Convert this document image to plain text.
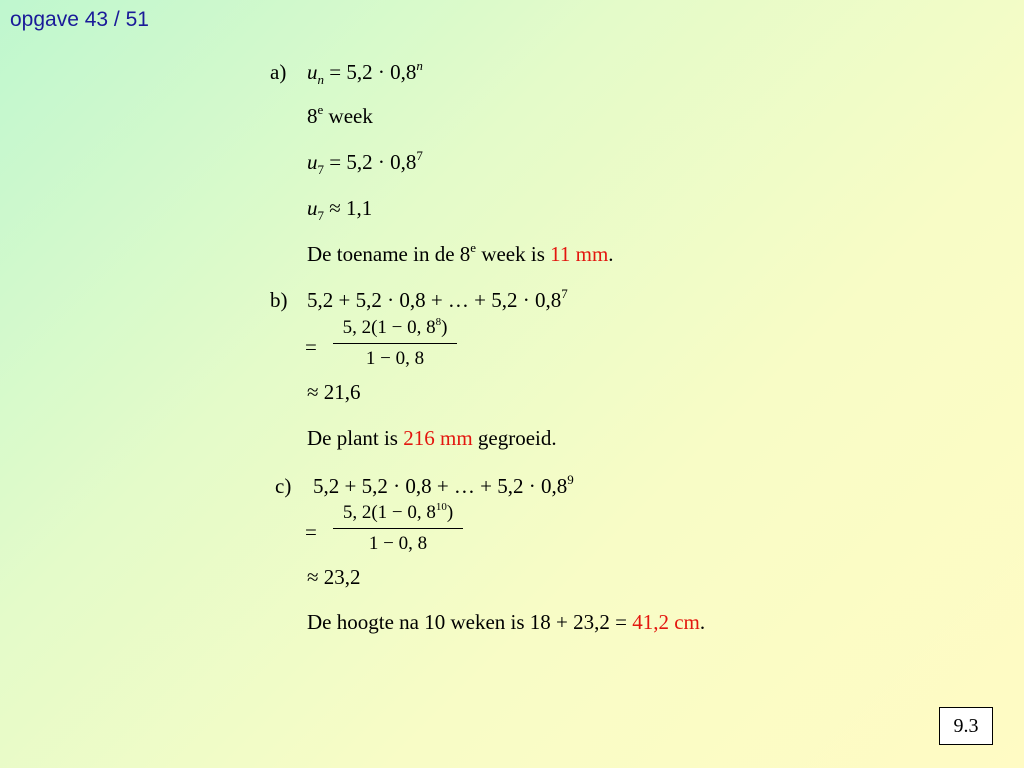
opgave 43 / 51
a) $u_n = 5,2 \cdot 0,8^n$
8e week
$u_7 = 5,2 \cdot 0,8^7$
$u_7 \approx 1,1$
De toename in de 8e week is 11 mm.
b) 5,2 + 5,2 · 0,8 + … + $5,2 \cdot 0,8^7$
=
5, 2(1 − 0, $8^8$)
1 − 0, 8
≈ 21,6
De plant is 216 mm gegroeid.
c) 5,2 + 5,2 · 0,8 + … + $5,2 \cdot 0,8^9$
=
5, 2(1 − 0, $8^{10}$)
1 − 0, 8
≈ 23,2
De hoogte na 10 weken is 18 + 23,2 = 41,2 cm.
9.3
